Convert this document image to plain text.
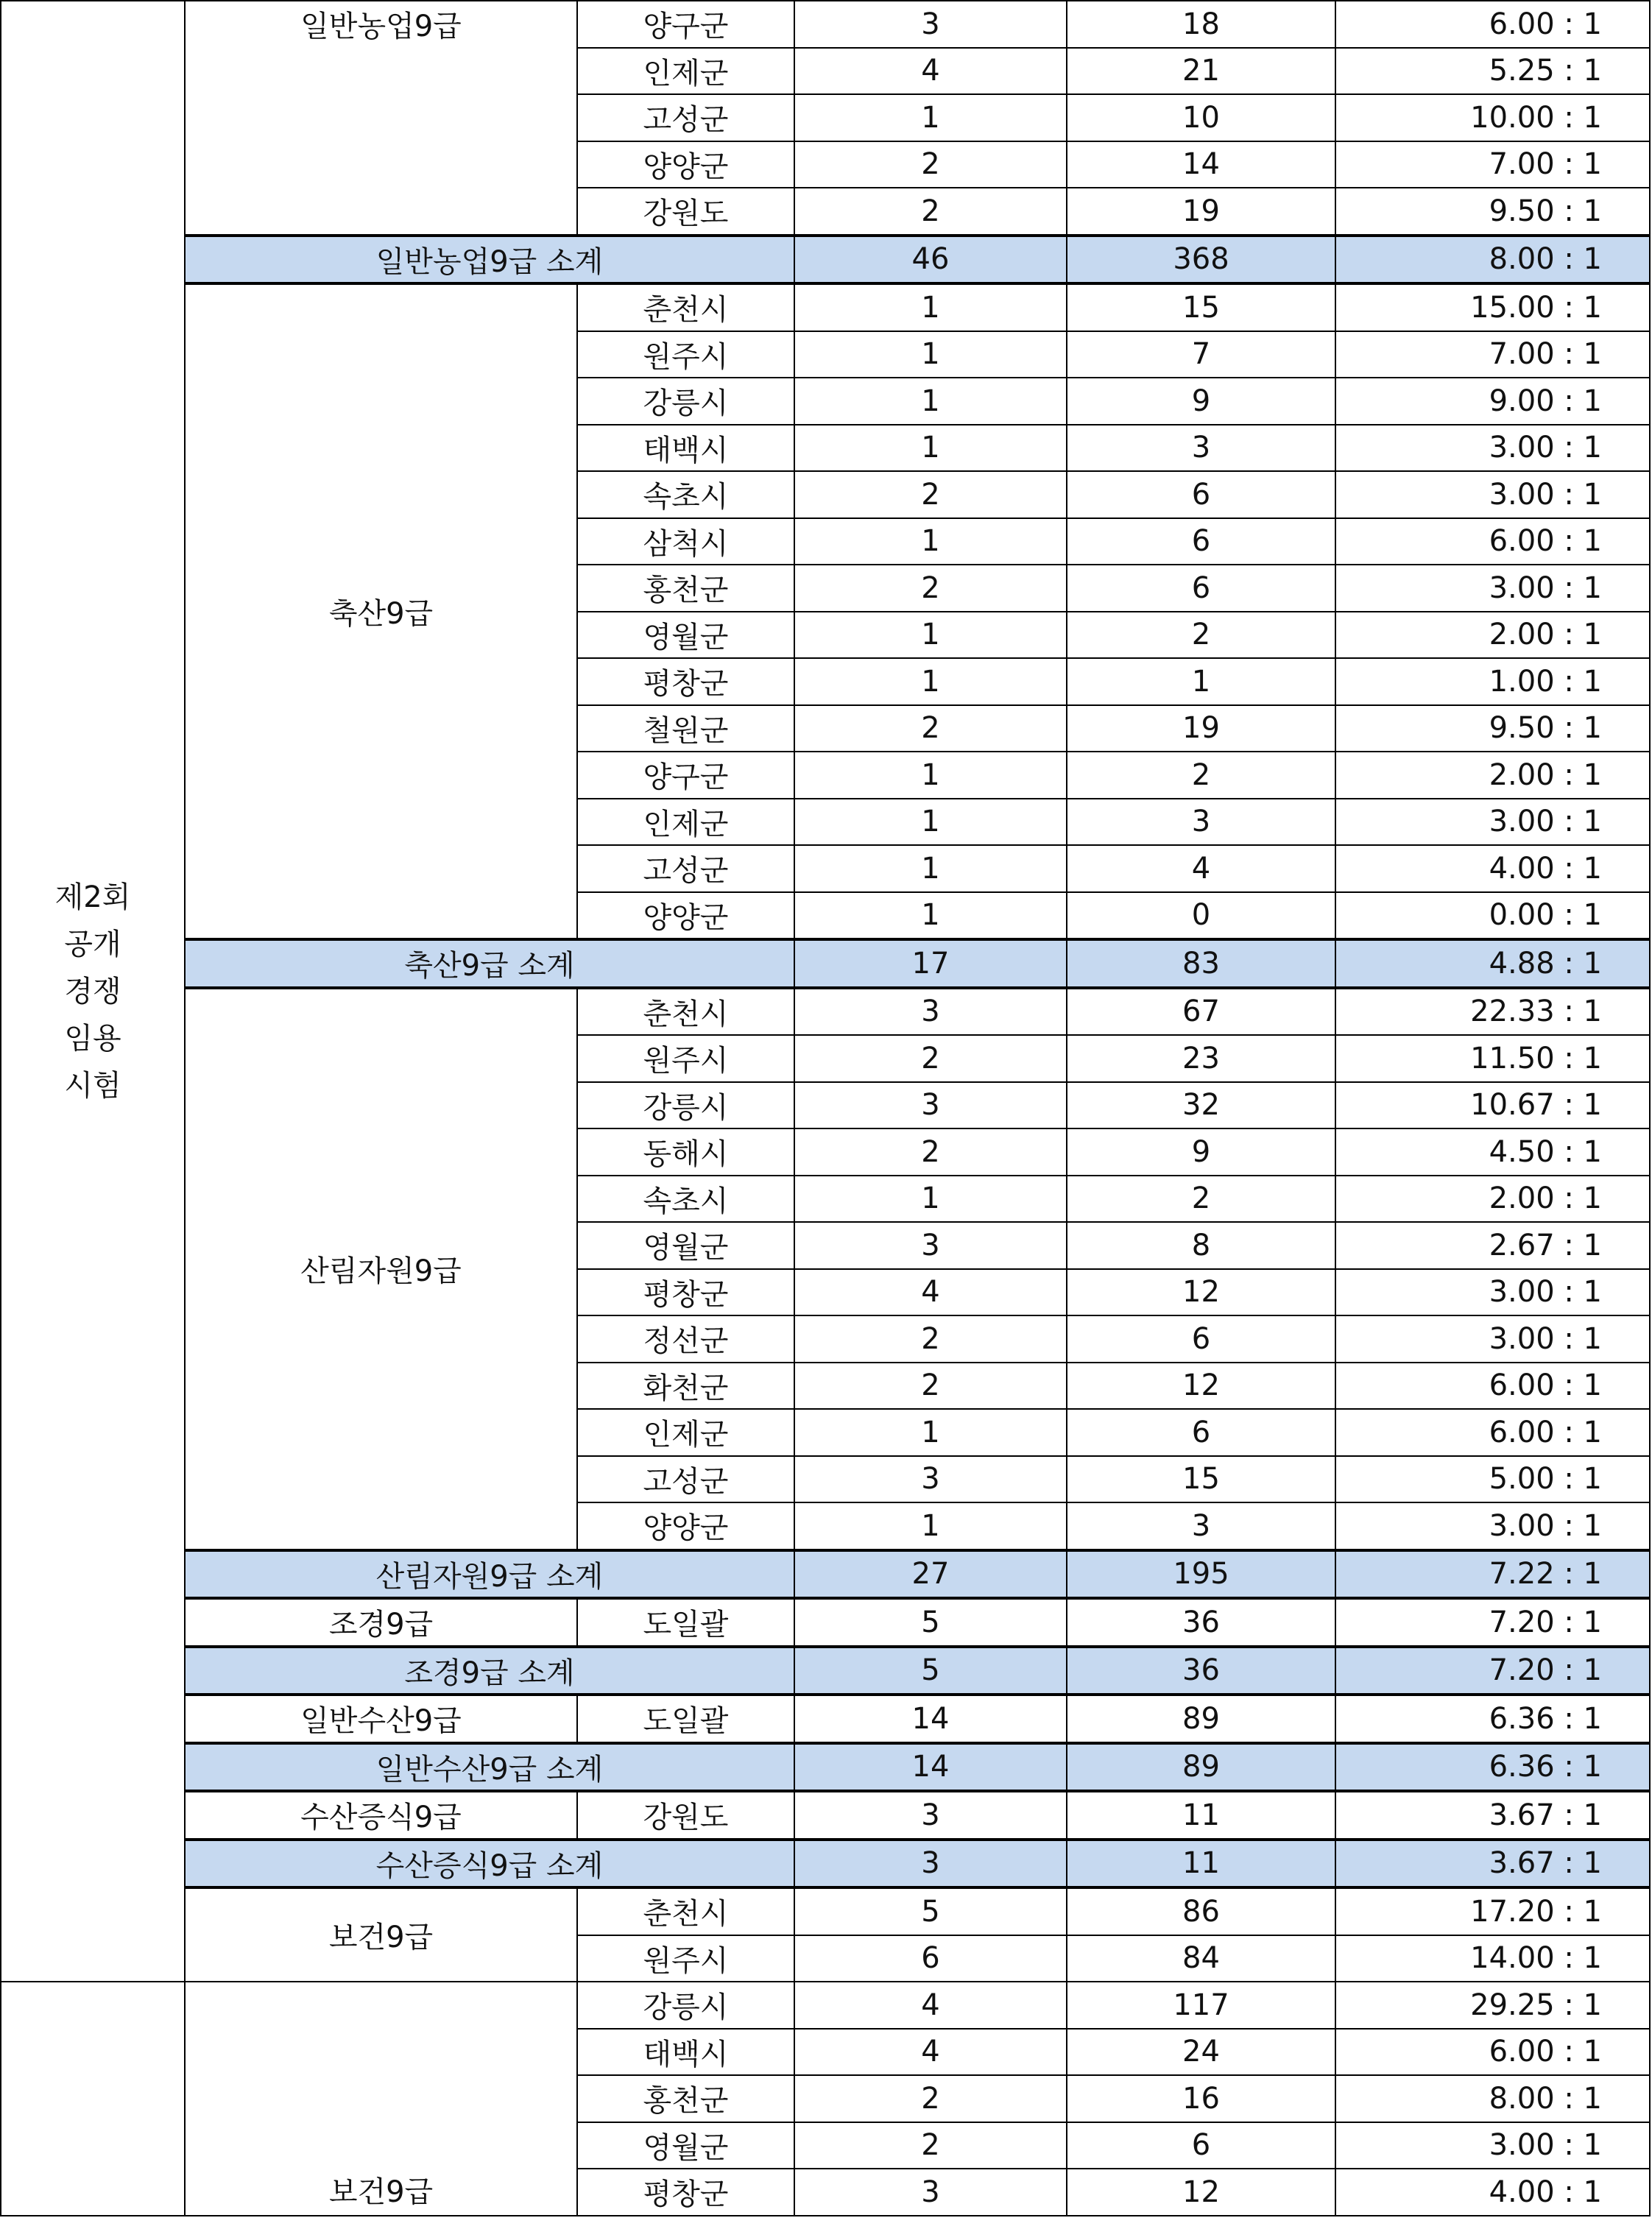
제2회
공개
경쟁
임용
시험	일반농업9급	양구군	3	18	6.00 : 1
		인제군	4	21	5.25 : 1
		고성군	1	10	10.00 : 1
		양양군	2	14	7.00 : 1
		강원도	2	19	9.50 : 1
	일반농업9급 소계		46	368	8.00 : 1
	축산9급	춘천시	1	15	15.00 : 1
		원주시	1	7	7.00 : 1
		강릉시	1	9	9.00 : 1
		태백시	1	3	3.00 : 1
		속초시	2	6	3.00 : 1
		삼척시	1	6	6.00 : 1
		홍천군	2	6	3.00 : 1
		영월군	1	2	2.00 : 1
		평창군	1	1	1.00 : 1
		철원군	2	19	9.50 : 1
		양구군	1	2	2.00 : 1
		인제군	1	3	3.00 : 1
		고성군	1	4	4.00 : 1
		양양군	1	0	0.00 : 1
	축산9급 소계		17	83	4.88 : 1
	산림자원9급	춘천시	3	67	22.33 : 1
		원주시	2	23	11.50 : 1
		강릉시	3	32	10.67 : 1
		동해시	2	9	4.50 : 1
		속초시	1	2	2.00 : 1
		영월군	3	8	2.67 : 1
		평창군	4	12	3.00 : 1
		정선군	2	6	3.00 : 1
		화천군	2	12	6.00 : 1
		인제군	1	6	6.00 : 1
		고성군	3	15	5.00 : 1
		양양군	1	3	3.00 : 1
	산림자원9급 소계		27	195	7.22 : 1
	조경9급	도일괄	5	36	7.20 : 1
	조경9급 소계		5	36	7.20 : 1
	일반수산9급	도일괄	14	89	6.36 : 1
	일반수산9급 소계		14	89	6.36 : 1
	수산증식9급	강원도	3	11	3.67 : 1
	수산증식9급 소계		3	11	3.67 : 1
	보건9급	춘천시	5	86	17.20 : 1
		원주시	6	84	14.00 : 1
	보건9급	강릉시	4	117	29.25 : 1
		태백시	4	24	6.00 : 1
		홍천군	2	16	8.00 : 1
		영월군	2	6	3.00 : 1
		평창군	3	12	4.00 : 1
